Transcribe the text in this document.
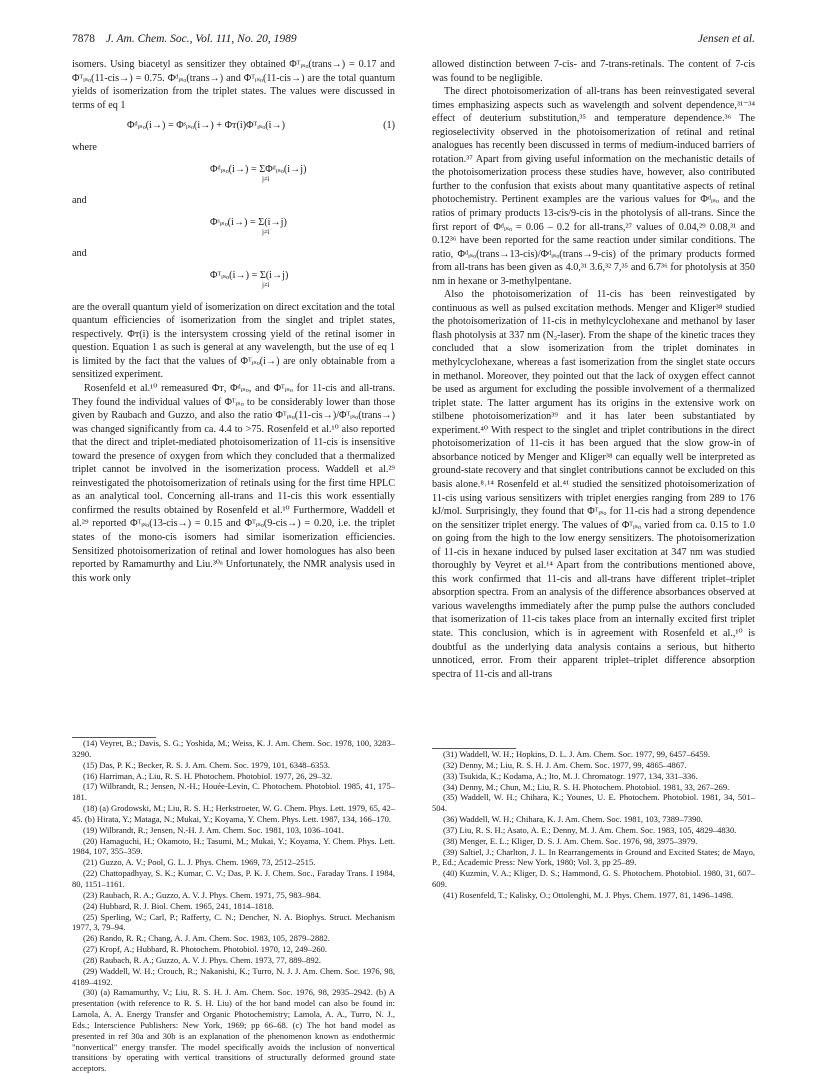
7878 J. Am. Chem. Soc., Vol. 111, No. 20, 1989	Jensen et al.

isomers. Using biacetyl as sensitizer they obtained Φᵀᵢₛₒ(trans→) = 0.17 and Φᵀᵢₛₒ(11-cis→) = 0.75. Φᵈᵢₛₒ(trans→) and Φᵀᵢₛₒ(11-cis→) are the total quantum yields of isomerization from the triplet states. The values were discussed in terms of eq 1

Φᵈᵢₛₒ(i→) = Φˢᵢₛₒ(i→) + Φᴛ(i)Φᵀᵢₛₒ(i→)	(1)
where
Φᵈᵢₛₒ(i→) = ΣΦᵈᵢₛₒ(i→j)
j≠i
and
Φˢᵢₛₒ(i→) = Σ(i→j)
j≠i
and
Φᵀᵢₛₒ(i→) = Σ(i→j)
j≠i

are the overall quantum yield of isomerization on direct excitation and the total quantum efficiencies of isomerization from the singlet and triplet states, respectively. Φᴛ(i) is the intersystem crossing yield of the retinal isomer in question. Equation 1 as such is general at any wavelength, but the use of eq 1 is limited by the fact that the values of Φᵀᵢₛₒ(i→) are only obtainable from a sensitized experiment.

Rosenfeld et al.¹⁰ remeasured Φᴛ, Φᵈᵢₛₒ, and Φᵀᵢₛₒ for 11-cis and all-trans. They found the individual values of Φᵀᵢₛₒ to be considerably lower than those given by Raubach and Guzzo, and also the ratio Φᵀᵢₛₒ(11-cis→)/Φᵀᵢₛₒ(trans→) was changed significantly from ca. 4.4 to >75. Rosenfeld et al.¹⁰ also reported that the direct and triplet-mediated photoisomerization of 11-cis is insensitive toward the presence of oxygen from which they concluded that a thermalized triplet cannot be involved in the isomerization process. Waddell et al.²⁹ reinvestigated the photoisomerization of retinals using for the first time HPLC as an analytical tool. Concerning all-trans and 11-cis this work essentially confirmed the results obtained by Rosenfeld et al.¹⁰ Furthermore, Waddell et al.²⁹ reported Φᵀᵢₛₒ(13-cis→) = 0.15 and Φᵀᵢₛₒ(9-cis→) = 0.20, i.e. the triplet states of the mono-cis isomers had similar isomerization efficiencies. Sensitized photoisomerization of retinal and lower homologues has also been reported by Ramamurthy and Liu.³⁰ᵃ Unfortunately, the NMR analysis used in this work only

allowed distinction between 7-cis- and 7-trans-retinals. The content of 7-cis was found to be negligible.

The direct photoisomerization of all-trans has been reinvestigated several times emphasizing aspects such as wavelength and solvent dependence,³¹⁻³⁴ effect of deuterium substitution,³⁵ and temperature dependence.³⁶ The regioselectivity observed in the photoisomerization of retinal and retinal analogues has recently been discussed in terms of medium-induced barriers of rotation.³⁷ Apart from giving useful information on the mechanistic details of the photoisomerization process these studies have, however, also contributed further to the confusion that exists about many quantitative aspects of retinal photochemistry. Pertinent examples are the various values for Φᵈᵢₛₒ and the ratios of primary products 13-cis/9-cis in the photolysis of all-trans. Since the first report of Φᵈᵢₛₒ = 0.06 – 0.2 for all-trans,²⁷ values of 0.04,²⁹ 0.08,³¹ and 0.12³⁶ have been reported for the same reaction under similar conditions. The ratio, Φᵈᵢₛₒ(trans→13-cis)/Φᵈᵢₛₒ(trans→9-cis) of the primary products formed from all-trans has been given as 4.0,³¹ 3.6,³² 7,³⁵ and 6.7³⁶ for photolysis at 350 nm in hexane or 3-methylpentane.

Also the photoisomerization of 11-cis has been reinvestigated by continuous as well as pulsed excitation methods. Menger and Kliger³⁸ studied the photoisomerization of 11-cis in methylcyclohexane and methanol by laser flash photolysis at 337 nm (N₂-laser). From the shape of the kinetic traces they concluded that a slow isomerization from the triplet dominates in methylcyclohexane, whereas a fast isomerization from the singlet state occurs in methanol. Moreover, they pointed out that the lack of oxygen effect cannot be used as argument for excluding the possible involvement of a thermalized triplet state. The latter argument has its origins in the extensive work on stilbene photoisomerization³⁹ and it has later been substantiated by experiment.⁴⁰ With respect to the singlet and triplet contributions in the direct photoisomerization of 11-cis it has been argued that the slow grow-in of absorbance noticed by Menger and Kliger³⁸ can equally well be interpreted as ground-state recovery and that singlet contributions cannot be excluded on this basis alone.⁸˒¹⁴ Rosenfeld et al.⁴¹ studied the sensitized photoisomerization of 11-cis using various sensitizers with triplet energies ranging from 289 to 176 kJ/mol. Surprisingly, they found that Φᵀᵢₛₒ for 11-cis had a strong dependence on the sensitizer triplet energy. The values of Φᵀᵢₛₒ varied from ca. 0.15 to 1.0 on going from the high to the low energy sensitizers. The photoisomerization of 11-cis in hexane induced by pulsed laser excitation at 347 nm was studied thoroughly by Veyret et al.¹⁴ Apart from the contributions mentioned above, this work confirmed that 11-cis and all-trans have different triplet–triplet absorption spectra. From an analysis of the difference absorbances observed at various wavelengths immediately after the pump pulse the authors concluded that isomerization of 11-cis takes place from an internally excited first triplet state. This conclusion, which is in agreement with Rosenfeld et al.,¹⁰ is doubtful as the underlying data analysis contains a serious, but hitherto unnoticed, error. From their apparent triplet–triplet difference absorption spectra of 11-cis and all-trans

(14) Veyret, B.; Davis, S. G.; Yoshida, M.; Weiss, K. J. Am. Chem. Soc. 1978, 100, 3283–3290.
(15) Das, P. K.; Becker, R. S. J. Am. Chem. Soc. 1979, 101, 6348–6353.
(16) Harriman, A.; Liu, R. S. H. Photochem. Photobiol. 1977, 26, 29–32.
(17) Wilbrandt, R.; Jensen, N.-H.; Houée-Levin, C. Photochem. Photobiol. 1985, 41, 175–181.
(18) (a) Grodowski, M.; Liu, R. S. H.; Herkstroeter, W. G. Chem. Phys. Lett. 1979, 65, 42–45. (b) Hirata, Y.; Mataga, N.; Mukai, Y.; Koyama, Y. Chem. Phys. Lett. 1987, 134, 166–170.
(19) Wilbrandt, R.; Jensen, N.-H. J. Am. Chem. Soc. 1981, 103, 1036–1041.
(20) Hamaguchi, H.; Okamoto, H.; Tasumi, M.; Mukai, Y.; Koyama, Y. Chem. Phys. Lett. 1984, 107, 355–359.
(21) Guzzo, A. V.; Pool, G. L. J. Phys. Chem. 1969, 73, 2512–2515.
(22) Chattopadhyay, S. K.; Kumar, C. V.; Das, P. K. J. Chem. Soc., Faraday Trans. I 1984, 80, 1151–1161.
(23) Raubach, R. A.; Guzzo, A. V. J. Phys. Chem. 1971, 75, 983–984.
(24) Hubbard, R. J. Biol. Chem. 1965, 241, 1814–1818.
(25) Sperling, W.; Carl, P.; Rafferty, C. N.; Dencher, N. A. Biophys. Struct. Mechanism 1977, 3, 79–94.
(26) Rando, R. R.; Chang, A. J. Am. Chem. Soc. 1983, 105, 2879–2882.
(27) Kropf, A.; Hubbard, R. Photochem. Photobiol. 1970, 12, 249–260.
(28) Raubach, R. A.; Guzzo, A. V. J. Phys. Chem. 1973, 77, 889–892.
(29) Waddell, W. H.; Crouch, R.; Nakanishi, K.; Turro, N. J. J. Am. Chem. Soc. 1976, 98, 4189–4192.
(30) (a) Ramamurthy, V.; Liu, R. S. H. J. Am. Chem. Soc. 1976, 98, 2935–2942. (b) A presentation (with reference to R. S. H. Liu) of the hot band model can also be found in: Lamola, A. A. Energy Transfer and Organic Photochemistry; Lamola, A. A., Turro, N. J., Eds.; Interscience Publishers: New York, 1969; pp 66–68. (c) The hot band model as presented in ref 30a and 30b is an explanation of the phenomenon known as endothermic "nonvertical" energy transfer. The model specifically avoids the inclusion of nonvertical transitions by operating with vertical transitions of structurally deformed ground state acceptors.
(31) Waddell, W. H.; Hopkins, D. L. J. Am. Chem. Soc. 1977, 99, 6457–6459.
(32) Denny, M.; Liu, R. S. H. J. Am. Chem. Soc. 1977, 99, 4865–4867.
(33) Tsukida, K.; Kodama, A.; Ito, M. J. Chromatogr. 1977, 134, 331–336.
(34) Denny, M.; Chun, M.; Liu, R. S. H. Photochem. Photobiol. 1981, 33, 267–269.
(35) Waddell, W. H.; Chihara, K.; Younes, U. E. Photochem. Photobiol. 1981, 34, 501–504.
(36) Waddell, W. H.; Chihara, K. J. Am. Chem. Soc. 1981, 103, 7389–7390.
(37) Liu, R. S. H.; Asato, A. E.; Denny, M. J. Am. Chem. Soc. 1983, 105, 4829–4830.
(38) Menger, E. L.; Kliger, D. S. J. Am. Chem. Soc. 1976, 98, 3975–3979.
(39) Saltiel, J.; Charlton, J. L. In Rearrangements in Ground and Excited States; de Mayo, P., Ed.; Academic Press: New York, 1980; Vol. 3, pp 25–89.
(40) Kuzmin, V. A.; Kliger, D. S.; Hammond, G. S. Photochem. Photobiol. 1980, 31, 607–609.
(41) Rosenfeld, T.; Kalisky, O.; Ottolenghi, M. J. Phys. Chem. 1977, 81, 1496–1498.
